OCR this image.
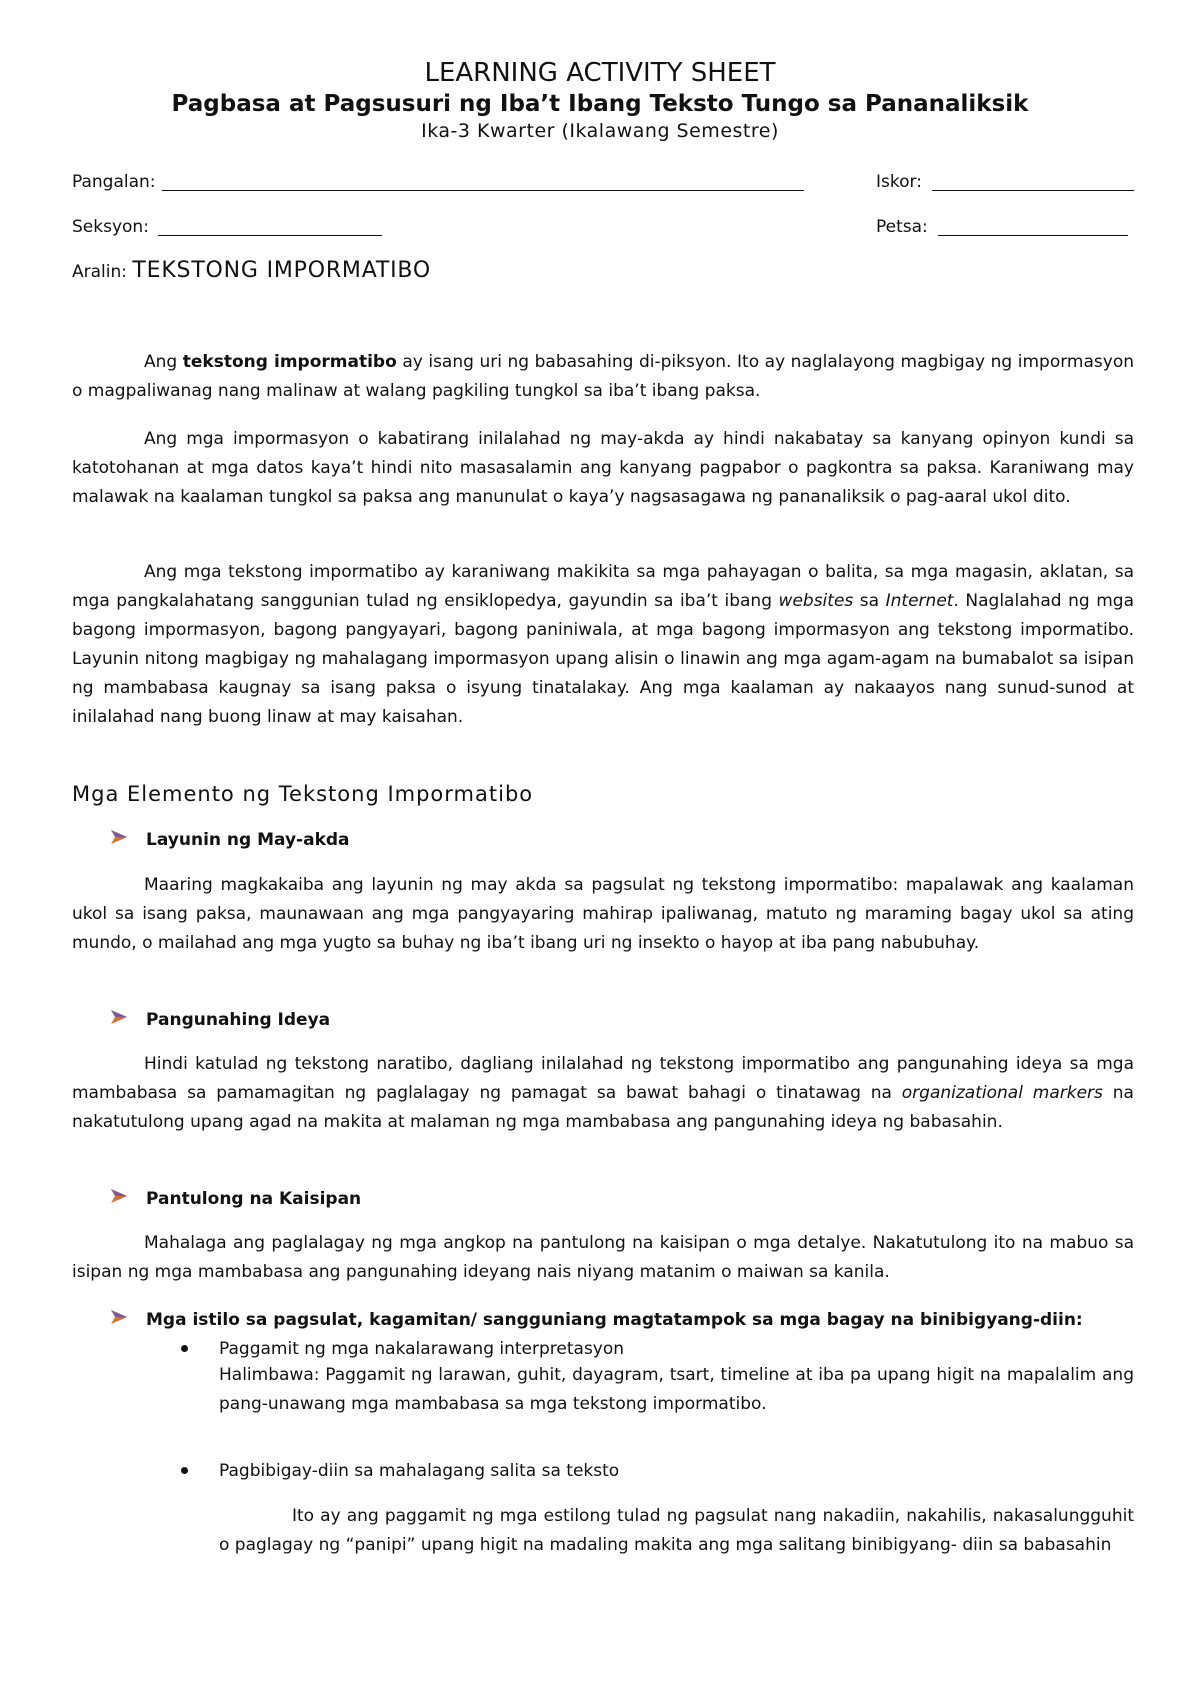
LEARNING ACTIVITY SHEET
Pagbasa at Pagsusuri ng Iba’t Ibang Teksto Tungo sa Pananaliksik
Ika-3 Kwarter (Ikalawang Semestre)
Pangalan:	Iskor:
Seksyon:	Petsa:
Aralin: TEKSTONG IMPORMATIBO
Ang tekstong impormatibo ay isang uri ng babasahing di-piksyon. Ito ay naglalayong magbigay ng impormasyon o magpaliwanag nang malinaw at walang pagkiling tungkol sa iba’t ibang paksa.
Ang mga impormasyon o kabatirang inilalahad ng may-akda ay hindi nakabatay sa kanyang opinyon kundi sa katotohanan at mga datos kaya’t hindi nito masasalamin ang kanyang pagpabor o pagkontra sa paksa. Karaniwang may malawak na kaalaman tungkol sa paksa ang manunulat o kaya’y nagsasagawa ng pananaliksik o pag-aaral ukol dito.
Ang mga tekstong impormatibo ay karaniwang makikita sa mga pahayagan o balita, sa mga magasin, aklatan, sa mga pangkalahatang sanggunian tulad ng ensiklopedya, gayundin sa iba’t ibang websites sa Internet. Naglalahad ng mga bagong impormasyon, bagong pangyayari, bagong paniniwala, at mga bagong impormasyon ang tekstong impormatibo. Layunin nitong magbigay ng mahalagang impormasyon upang alisin o linawin ang mga agam-agam na bumabalot sa isipan ng mambabasa kaugnay sa isang paksa o isyung tinatalakay. Ang mga kaalaman ay nakaayos nang sunud-sunod at inilalahad nang buong linaw at may kaisahan.
Mga Elemento ng Tekstong Impormatibo
Layunin ng May-akda
Maaring magkakaiba ang layunin ng may akda sa pagsulat ng tekstong impormatibo: mapalawak ang kaalaman ukol sa isang paksa, maunawaan ang mga pangyayaring mahirap ipaliwanag, matuto ng maraming bagay ukol sa ating mundo, o mailahad ang mga yugto sa buhay ng iba’t ibang uri ng insekto o hayop at iba pang nabubuhay.
Pangunahing Ideya
Hindi katulad ng tekstong naratibo, dagliang inilalahad ng tekstong impormatibo ang pangunahing ideya sa mga mambabasa sa pamamagitan ng paglalagay ng pamagat sa bawat bahagi o tinatawag na organizational markers na nakatutulong upang agad na makita at malaman ng mga mambabasa ang pangunahing ideya ng babasahin.
Pantulong na Kaisipan
Mahalaga ang paglalagay ng mga angkop na pantulong na kaisipan o mga detalye. Nakatutulong ito na mabuo sa isipan ng mga mambabasa ang pangunahing ideyang nais niyang matanim o maiwan sa kanila.
Mga istilo sa pagsulat, kagamitan/ sangguniang magtatampok sa mga bagay na binibigyang-diin:
Paggamit ng mga nakalarawang interpretasyon
Halimbawa: Paggamit ng larawan, guhit, dayagram, tsart, timeline at iba pa upang higit na mapalalim ang pang-unawang mga mambabasa sa mga tekstong impormatibo.
Pagbibigay-diin sa mahalagang salita sa teksto
Ito ay ang paggamit ng mga estilong tulad ng pagsulat nang nakadiin, nakahilis, nakasalungguhit o paglagay ng “panipi” upang higit na madaling makita ang mga salitang binibigyang- diin sa babasahin
